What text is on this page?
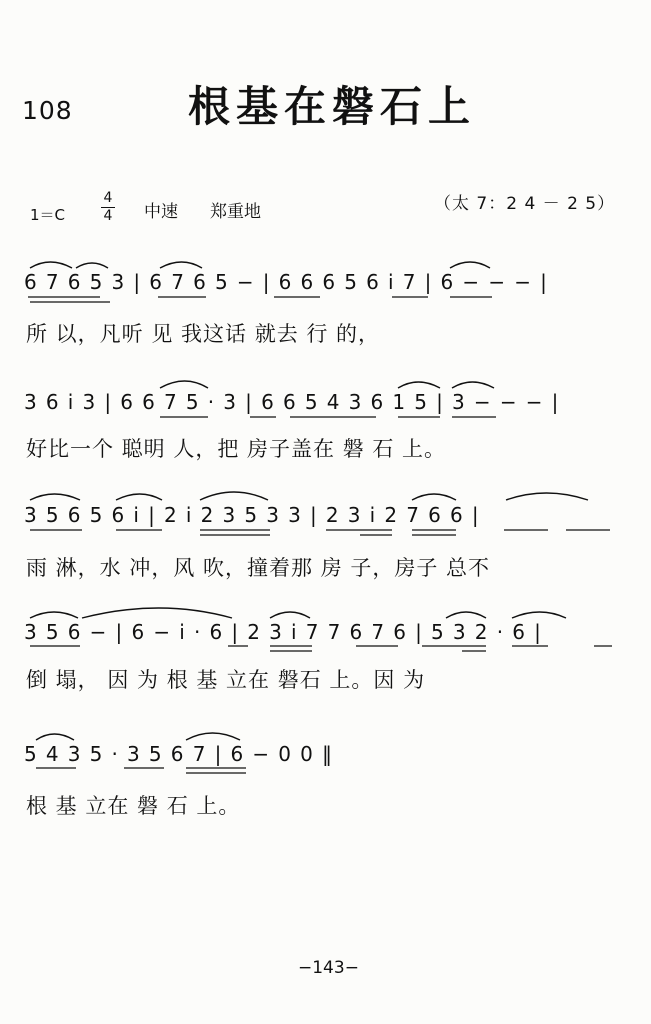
108	根基在磐石上
1＝C
4
4 中速 郑重地	（太 7：2 4 － 2 5）
6 7 6 5 3 | 6 7 6 5 − | 6 6 6 5 6 i 7 | 6 − − − |
所 以，凡听 见 我这话 就去 行 的，
3 6 i 3 | 6 6 7 5 · 3 | 6 6 5 4 3 6 1 5 | 3 − − − |
好比一个 聪明 人，把 房子盖在 磐 石 上。
3 5 6 5 6 i | 2 i 2 3 5 3 3 | 2 3 i 2 7 6 6 |
雨 淋，水 冲，风 吹，撞着那 房 子，房子 总不
3 5 6 − | 6 − i · 6 | 2 3 i 7 7 6 7 6 | 5 3 2 · 6 |
倒 塌， 因 为 根 基 立在 磐石 上。因 为
5 4 3 5 · 3 5 6 7 | 6 − 0 0 ‖
根 基 立在 磐 石 上。
−143−
